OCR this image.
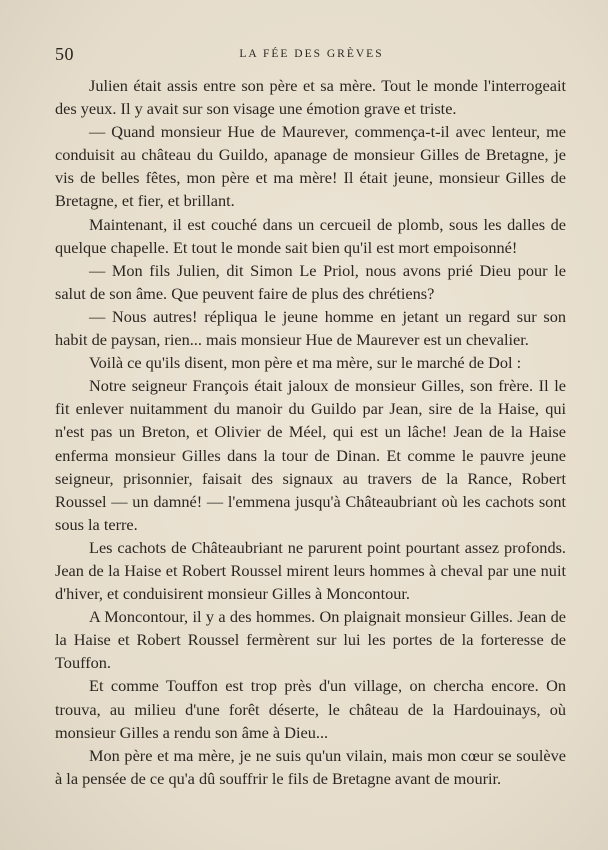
50	LA FÉE DES GRÈVES

Julien était assis entre son père et sa mère. Tout le monde l'interrogeait des yeux. Il y avait sur son visage une émotion grave et triste.

— Quand monsieur Hue de Maurever, commença-t-il avec lenteur, me conduisit au château du Guildo, apanage de monsieur Gilles de Bretagne, je vis de belles fêtes, mon père et ma mère! Il était jeune, monsieur Gilles de Bretagne, et fier, et brillant.

Maintenant, il est couché dans un cercueil de plomb, sous les dalles de quelque chapelle. Et tout le monde sait bien qu'il est mort empoisonné!

— Mon fils Julien, dit Simon Le Priol, nous avons prié Dieu pour le salut de son âme. Que peuvent faire de plus des chrétiens?

— Nous autres! répliqua le jeune homme en jetant un regard sur son habit de paysan, rien... mais monsieur Hue de Maurever est un chevalier.

Voilà ce qu'ils disent, mon père et ma mère, sur le marché de Dol :

Notre seigneur François était jaloux de monsieur Gilles, son frère. Il le fit enlever nuitamment du manoir du Guildo par Jean, sire de la Haise, qui n'est pas un Breton, et Olivier de Méel, qui est un lâche! Jean de la Haise enferma monsieur Gilles dans la tour de Dinan. Et comme le pauvre jeune seigneur, prisonnier, faisait des signaux au travers de la Rance, Robert Roussel — un damné! — l'emmena jusqu'à Châteaubriant où les cachots sont sous la terre.

Les cachots de Châteaubriant ne parurent point pourtant assez profonds. Jean de la Haise et Robert Roussel mirent leurs hommes à cheval par une nuit d'hiver, et conduisirent monsieur Gilles à Moncontour.

A Moncontour, il y a des hommes. On plaignait monsieur Gilles. Jean de la Haise et Robert Roussel fermèrent sur lui les portes de la forteresse de Touffon.

Et comme Touffon est trop près d'un village, on chercha encore. On trouva, au milieu d'une forêt déserte, le château de la Hardouinays, où monsieur Gilles a rendu son âme à Dieu...

Mon père et ma mère, je ne suis qu'un vilain, mais mon cœur se soulève à la pensée de ce qu'a dû souffrir le fils de Bretagne avant de mourir.
